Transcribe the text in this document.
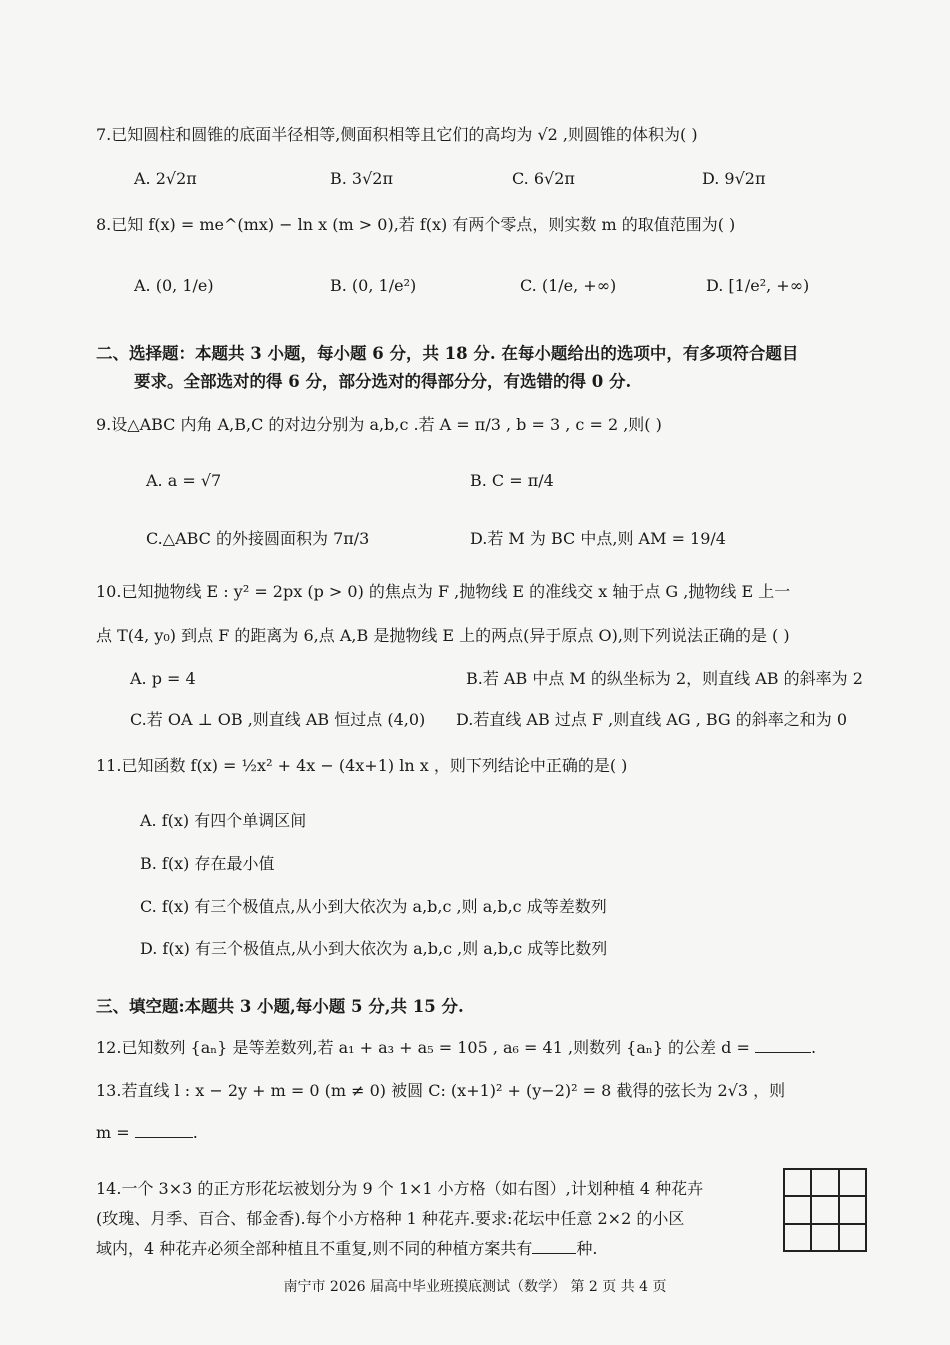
7.已知圆柱和圆锥的底面半径相等,侧面积相等且它们的高均为 √2 ,则圆锥的体积为( )
A. 2√2π	B. 3√2π	C. 6√2π	D. 9√2π
8.已知 f(x) = me^(mx) − ln x (m > 0),若 f(x) 有两个零点，则实数 m 的取值范围为( )
A. (0, 1/e)	B. (0, 1/e²)	C. (1/e, +∞)	D. [1/e², +∞)
二、选择题：本题共 3 小题，每小题 6 分，共 18 分. 在每小题给出的选项中，有多项符合题目
要求。全部选对的得 6 分，部分选对的得部分分，有选错的得 0 分.
9.设△ABC 内角 A,B,C 的对边分别为 a,b,c .若 A = π/3 , b = 3 , c = 2 ,则( )
A. a = √7	B. C = π/4
C.△ABC 的外接圆面积为 7π/3	D.若 M 为 BC 中点,则 AM = 19/4
10.已知抛物线 E : y² = 2px (p > 0) 的焦点为 F ,抛物线 E 的准线交 x 轴于点 G ,抛物线 E 上一
点 T(4, y₀) 到点 F 的距离为 6,点 A,B 是抛物线 E 上的两点(异于原点 O),则下列说法正确的是 ( )
A. p = 4	B.若 AB 中点 M 的纵坐标为 2，则直线 AB 的斜率为 2
C.若 OA ⊥ OB ,则直线 AB 恒过点 (4,0) D.若直线 AB 过点 F ,则直线 AG , BG 的斜率之和为 0
11.已知函数 f(x) = ½x² + 4x − (4x+1) ln x ，则下列结论中正确的是( )
A. f(x) 有四个单调区间
B. f(x) 存在最小值
C. f(x) 有三个极值点,从小到大依次为 a,b,c ,则 a,b,c 成等差数列
D. f(x) 有三个极值点,从小到大依次为 a,b,c ,则 a,b,c 成等比数列
三、填空题:本题共 3 小题,每小题 5 分,共 15 分.
12.已知数列 {aₙ} 是等差数列,若 a₁ + a₃ + a₅ = 105 , a₆ = 41 ,则数列 {aₙ} 的公差 d =	.
13.若直线 l : x − 2y + m = 0 (m ≠ 0) 被圆 C: (x+1)² + (y−2)² = 8 截得的弦长为 2√3 ，则
m =	.
14.一个 3×3 的正方形花坛被划分为 9 个 1×1 小方格（如右图）,计划种植 4 种花卉
(玫瑰、月季、百合、郁金香).每个小方格种 1 种花卉.要求:花坛中任意 2×2 的小区
域内，4 种花卉必须全部种植且不重复,则不同的种植方案共有	种.
南宁市 2026 届高中毕业班摸底测试（数学） 第 2 页 共 4 页
